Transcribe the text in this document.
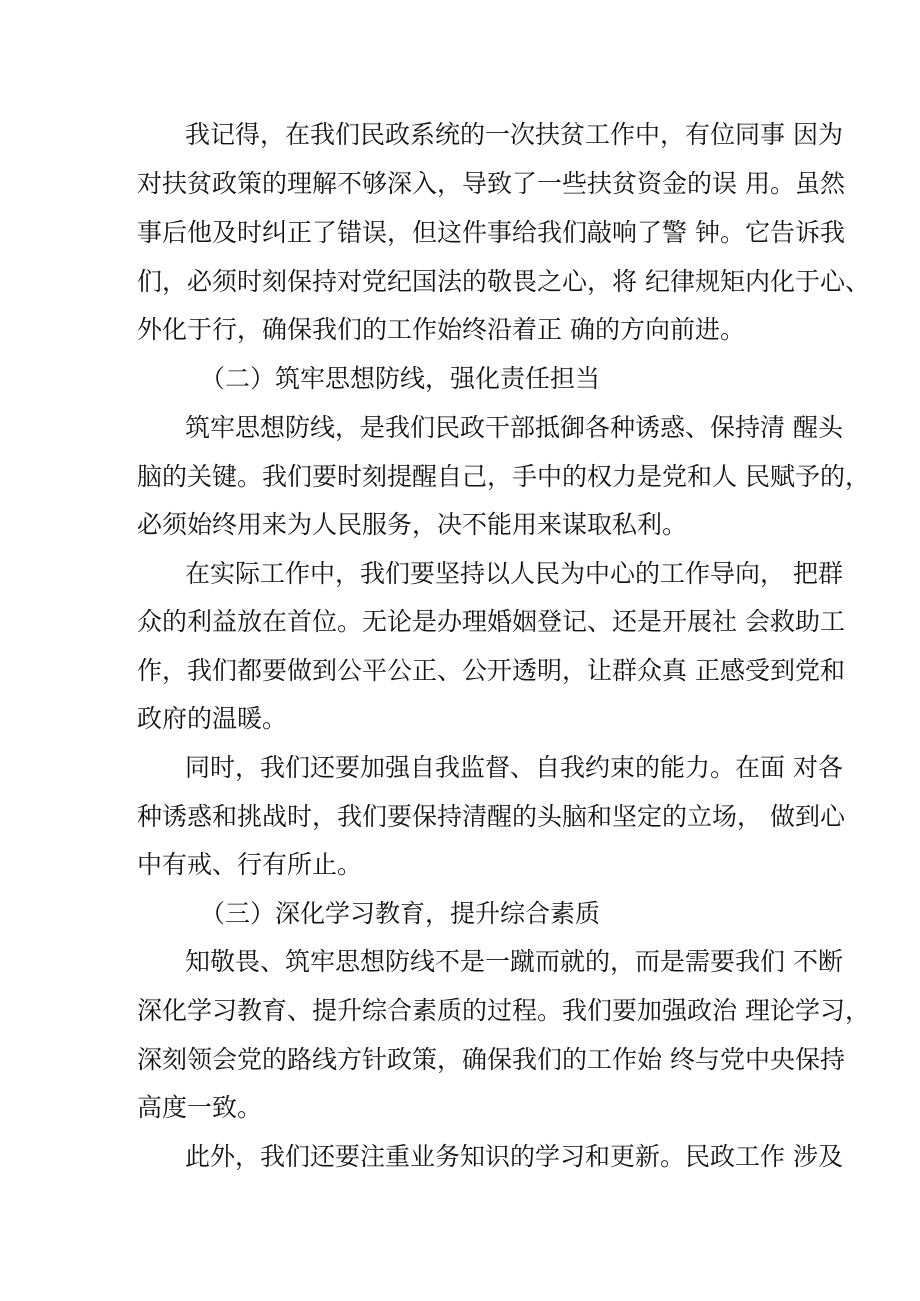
我记得，在我们民政系统的一次扶贫工作中，有位同事 因为
对扶贫政策的理解不够深入，导致了一些扶贫资金的误 用。虽然
事后他及时纠正了错误，但这件事给我们敲响了警 钟。它告诉我
们，必须时刻保持对党纪国法的敬畏之心，将 纪律规矩内化于心、
外化于行，确保我们的工作始终沿着正 确的方向前进。
（二）筑牢思想防线，强化责任担当
筑牢思想防线，是我们民政干部抵御各种诱惑、保持清 醒头
脑的关键。我们要时刻提醒自己，手中的权力是党和人 民赋予的，
必须始终用来为人民服务，决不能用来谋取私利。
在实际工作中，我们要坚持以人民为中心的工作导向， 把群
众的利益放在首位。无论是办理婚姻登记、还是开展社 会救助工
作，我们都要做到公平公正、公开透明，让群众真 正感受到党和
政府的温暖。
同时，我们还要加强自我监督、自我约束的能力。在面 对各
种诱惑和挑战时，我们要保持清醒的头脑和坚定的立场， 做到心
中有戒、行有所止。
（三）深化学习教育，提升综合素质
知敬畏、筑牢思想防线不是一蹴而就的，而是需要我们 不断
深化学习教育、提升综合素质的过程。我们要加强政治 理论学习，
深刻领会党的路线方针政策，确保我们的工作始 终与党中央保持
高度一致。
此外，我们还要注重业务知识的学习和更新。民政工作 涉及
